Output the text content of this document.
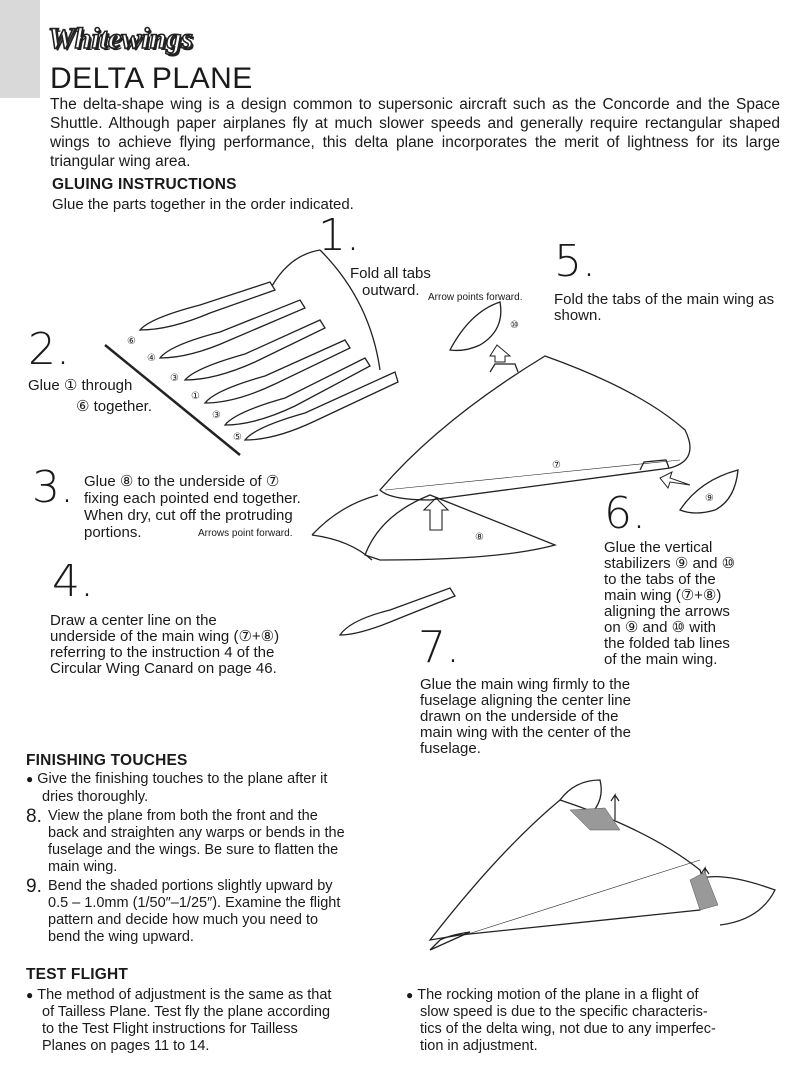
Whitewings
DELTA PLANE
The delta-shape wing is a design common to supersonic aircraft such as the Concorde and the Space Shuttle. Although paper airplanes fly at much slower speeds and generally require rectangular shaped wings to achieve flying performance, this delta plane incorporates the merit of lightness for its large triangular wing area.
GLUING INSTRUCTIONS
Glue the parts together in the order indicated.
⑥
④
③
①
③
⑤
⑦
⑧
⑨
⑩
1.
Fold all tabs
outward.
2.
Glue ① through
⑥ together.
3. Glue ⑧ to the underside of ⑦
fixing each pointed end together.
When dry, cut off the protruding
portions.
4.
Draw a center line on the
underside of the main wing (⑦+⑧)
referring to the instruction 4 of the
Circular Wing Canard on page 46.
5.
Fold the tabs of the main wing as
shown.
6.
Glue the vertical
stabilizers ⑨ and ⑩
to the tabs of the
main wing (⑦+⑧)
aligning the arrows
on ⑨ and ⑩ with
the folded tab lines
of the main wing.
7.
Glue the main wing firmly to the
fuselage aligning the center line
drawn on the underside of the
main wing with the center of the
fuselage.
Arrow points forward.
Arrows point forward.
FINISHING TOUCHES
● Give the finishing touches to the plane after it
dries thoroughly.
8. View the plane from both the front and the
back and straighten any warps or bends in the
fuselage and the wings. Be sure to flatten the
main wing.
9. Bend the shaded portions slightly upward by
0.5 – 1.0mm (1/50″–1/25″). Examine the flight
pattern and decide how much you need to
bend the wing upward.
TEST FLIGHT
● The method of adjustment is the same as that
of Tailless Plane. Test fly the plane according
to the Test Flight instructions for Tailless
Planes on pages 11 to 14.
● The rocking motion of the plane in a flight of
slow speed is due to the specific characteris-
tics of the delta wing, not due to any imperfec-
tion in adjustment.
